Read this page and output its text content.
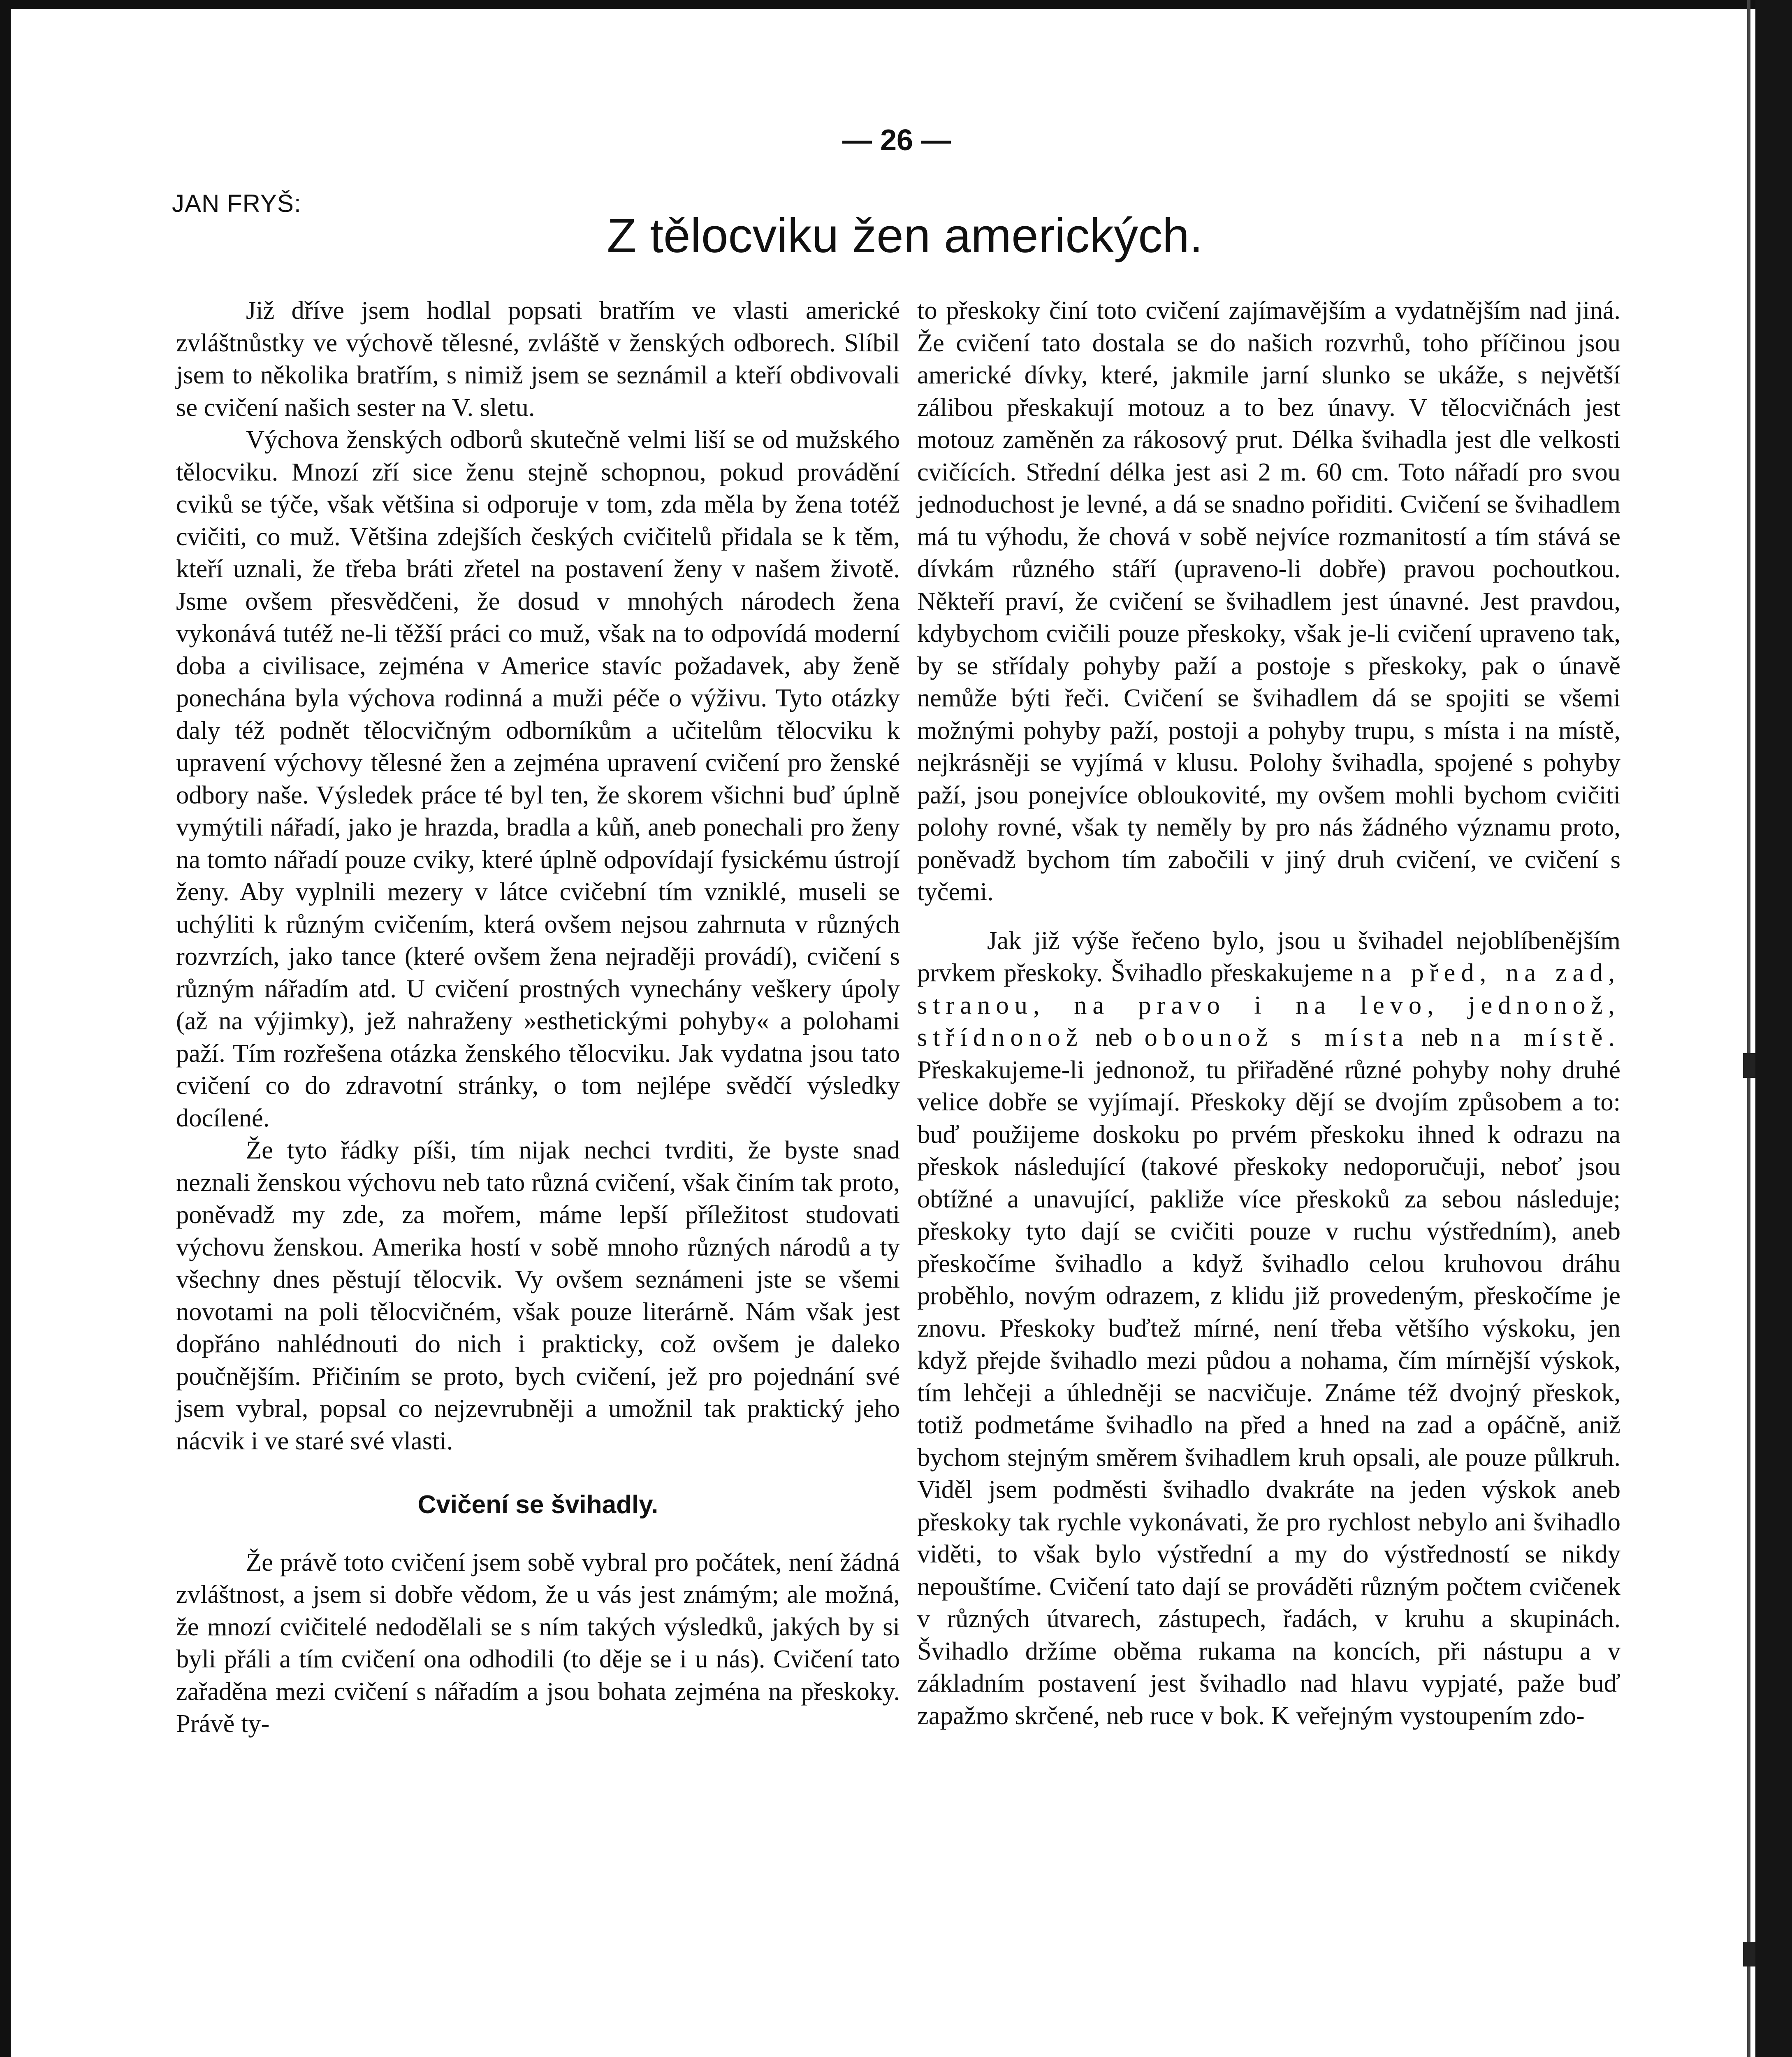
— 26 —
JAN FRYŠ:
Z tělocviku žen amerických.

Již dříve jsem hodlal popsati bratřím ve vlasti americké zvláštnůstky ve výchově tělesné, zvláště v ženských odborech. Slíbil jsem to několika bratřím, s nimiž jsem se seznámil a kteří obdivovali se cvičení našich sester na V. sletu.

Výchova ženských odborů skutečně velmi liší se od mužského tělocviku. Mnozí zří sice ženu stejně schopnou, pokud provádění cviků se týče, však většina si odporuje v tom, zda měla by žena totéž cvičiti, co muž. Většina zdejších českých cvičitelů přidala se k těm, kteří uznali, že třeba bráti zřetel na postavení ženy v našem životě. Jsme ovšem přesvědčeni, že dosud v mnohých národech žena vykonává tutéž ne-li těžší práci co muž, však na to odpovídá moderní doba a civilisace, zejména v Americe stavíc požadavek, aby ženě ponechána byla výchova rodinná a muži péče o výživu. Tyto otázky daly též podnět tělocvičným odborníkům a učitelům tělocviku k upravení výchovy tělesné žen a zejména upravení cvičení pro ženské odbory naše. Výsledek práce té byl ten, že skorem všichni buď úplně vymýtili nářadí, jako je hrazda, bradla a kůň, aneb ponechali pro ženy na tomto nářadí pouze cviky, které úplně odpovídají fysickému ústrojí ženy. Aby vyplnili mezery v látce cvičební tím vzniklé, museli se uchýliti k různým cvičením, která ovšem nejsou zahrnuta v různých rozvrzích, jako tance (které ovšem žena nejraději provádí), cvičení s různým nářadím atd. U cvičení prostných vynechány veškery úpoly (až na výjimky), jež nahraženy »esthetickými pohyby« a polohami paží. Tím rozřešena otázka ženského tělocviku. Jak vydatna jsou tato cvičení co do zdravotní stránky, o tom nejlépe svědčí výsledky docílené.

Že tyto řádky píši, tím nijak nechci tvrditi, že byste snad neznali ženskou výchovu neb tato různá cvičení, však činím tak proto, poněvadž my zde, za mořem, máme lepší příležitost studovati výchovu ženskou. Amerika hostí v sobě mnoho různých národů a ty všechny dnes pěstují tělocvik. Vy ovšem seznámeni jste se všemi novotami na poli tělocvičném, však pouze literárně. Nám však jest dopřáno nahlédnouti do nich i prakticky, což ovšem je daleko poučnějším. Přičiním se proto, bych cvičení, jež pro pojednání své jsem vybral, popsal co nejzevrubněji a umožnil tak praktický jeho nácvik i ve staré své vlasti.

Cvičení se švihadly.

Že právě toto cvičení jsem sobě vybral pro počátek, není žádná zvláštnost, a jsem si dobře vědom, že u vás jest známým; ale možná, že mnozí cvičitelé nedodělali se s ním takých výsledků, jakých by si byli přáli a tím cvičení ona odhodili (to děje se i u nás). Cvičení tato zařaděna mezi cvičení s nářadím a jsou bohata zejména na přeskoky. Právě ty-

to přeskoky činí toto cvičení zajímavějším a vydatnějším nad jiná. Že cvičení tato dostala se do našich rozvrhů, toho příčinou jsou americké dívky, které, jakmile jarní slunko se ukáže, s největší zálibou přeskakují motouz a to bez únavy. V tělocvičnách jest motouz zaměněn za rákosový prut. Délka švihadla jest dle velkosti cvičících. Střední délka jest asi 2 m. 60 cm. Toto nářadí pro svou jednoduchost je levné, a dá se snadno pořiditi. Cvičení se švihadlem má tu výhodu, že chová v sobě nejvíce rozmanitostí a tím stává se dívkám různého stáří (upraveno-li dobře) pravou pochoutkou. Někteří praví, že cvičení se švihadlem jest únavné. Jest pravdou, kdybychom cvičili pouze přeskoky, však je-li cvičení upraveno tak, by se střídaly pohyby paží a postoje s přeskoky, pak o únavě nemůže býti řeči. Cvičení se švihadlem dá se spojiti se všemi možnými pohyby paží, postoji a pohyby trupu, s místa i na místě, nejkrásněji se vyjímá v klusu. Polohy švihadla, spojené s pohyby paží, jsou ponejvíce obloukovité, my ovšem mohli bychom cvičiti polohy rovné, však ty neměly by pro nás žádného významu proto, poněvadž bychom tím zabočili v jiný druh cvičení, ve cvičení s tyčemi.

Jak již výše řečeno bylo, jsou u švihadel nejoblíbenějším prvkem přeskoky. Švihadlo přeskakujeme na před, na zad, stranou, na pravo i na levo, jednonož, střídnonož neb obounož s místa neb na místě. Přeskakujeme-li jednonož, tu přiřaděné různé pohyby nohy druhé velice dobře se vyjímají. Přeskoky dějí se dvojím způsobem a to: buď použijeme doskoku po prvém přeskoku ihned k odrazu na přeskok následující (takové přeskoky nedoporučuji, neboť jsou obtížné a unavující, pakliže více přeskoků za sebou následuje; přeskoky tyto dají se cvičiti pouze v ruchu výstředním), aneb přeskočíme švihadlo a když švihadlo celou kruhovou dráhu proběhlo, novým odrazem, z klidu již provedeným, přeskočíme je znovu. Přeskoky buďtež mírné, není třeba většího výskoku, jen když přejde švihadlo mezi půdou a nohama, čím mírnější výskok, tím lehčeji a úhledněji se nacvičuje. Známe též dvojný přeskok, totiž podmetáme švihadlo na před a hned na zad a opáčně, aniž bychom stejným směrem švihadlem kruh opsali, ale pouze půlkruh. Viděl jsem podměsti švihadlo dvakráte na jeden výskok aneb přeskoky tak rychle vykonávati, že pro rychlost nebylo ani švihadlo viděti, to však bylo výstřední a my do výstředností se nikdy nepouštíme. Cvičení tato dají se prováděti různým počtem cvičenek v různých útvarech, zástupech, řadách, v kruhu a skupinách. Švihadlo držíme oběma rukama na koncích, při nástupu a v základním postavení jest švihadlo nad hlavu vypjaté, paže buď zapažmo skrčené, neb ruce v bok. K veřejným vystoupením zdo-
